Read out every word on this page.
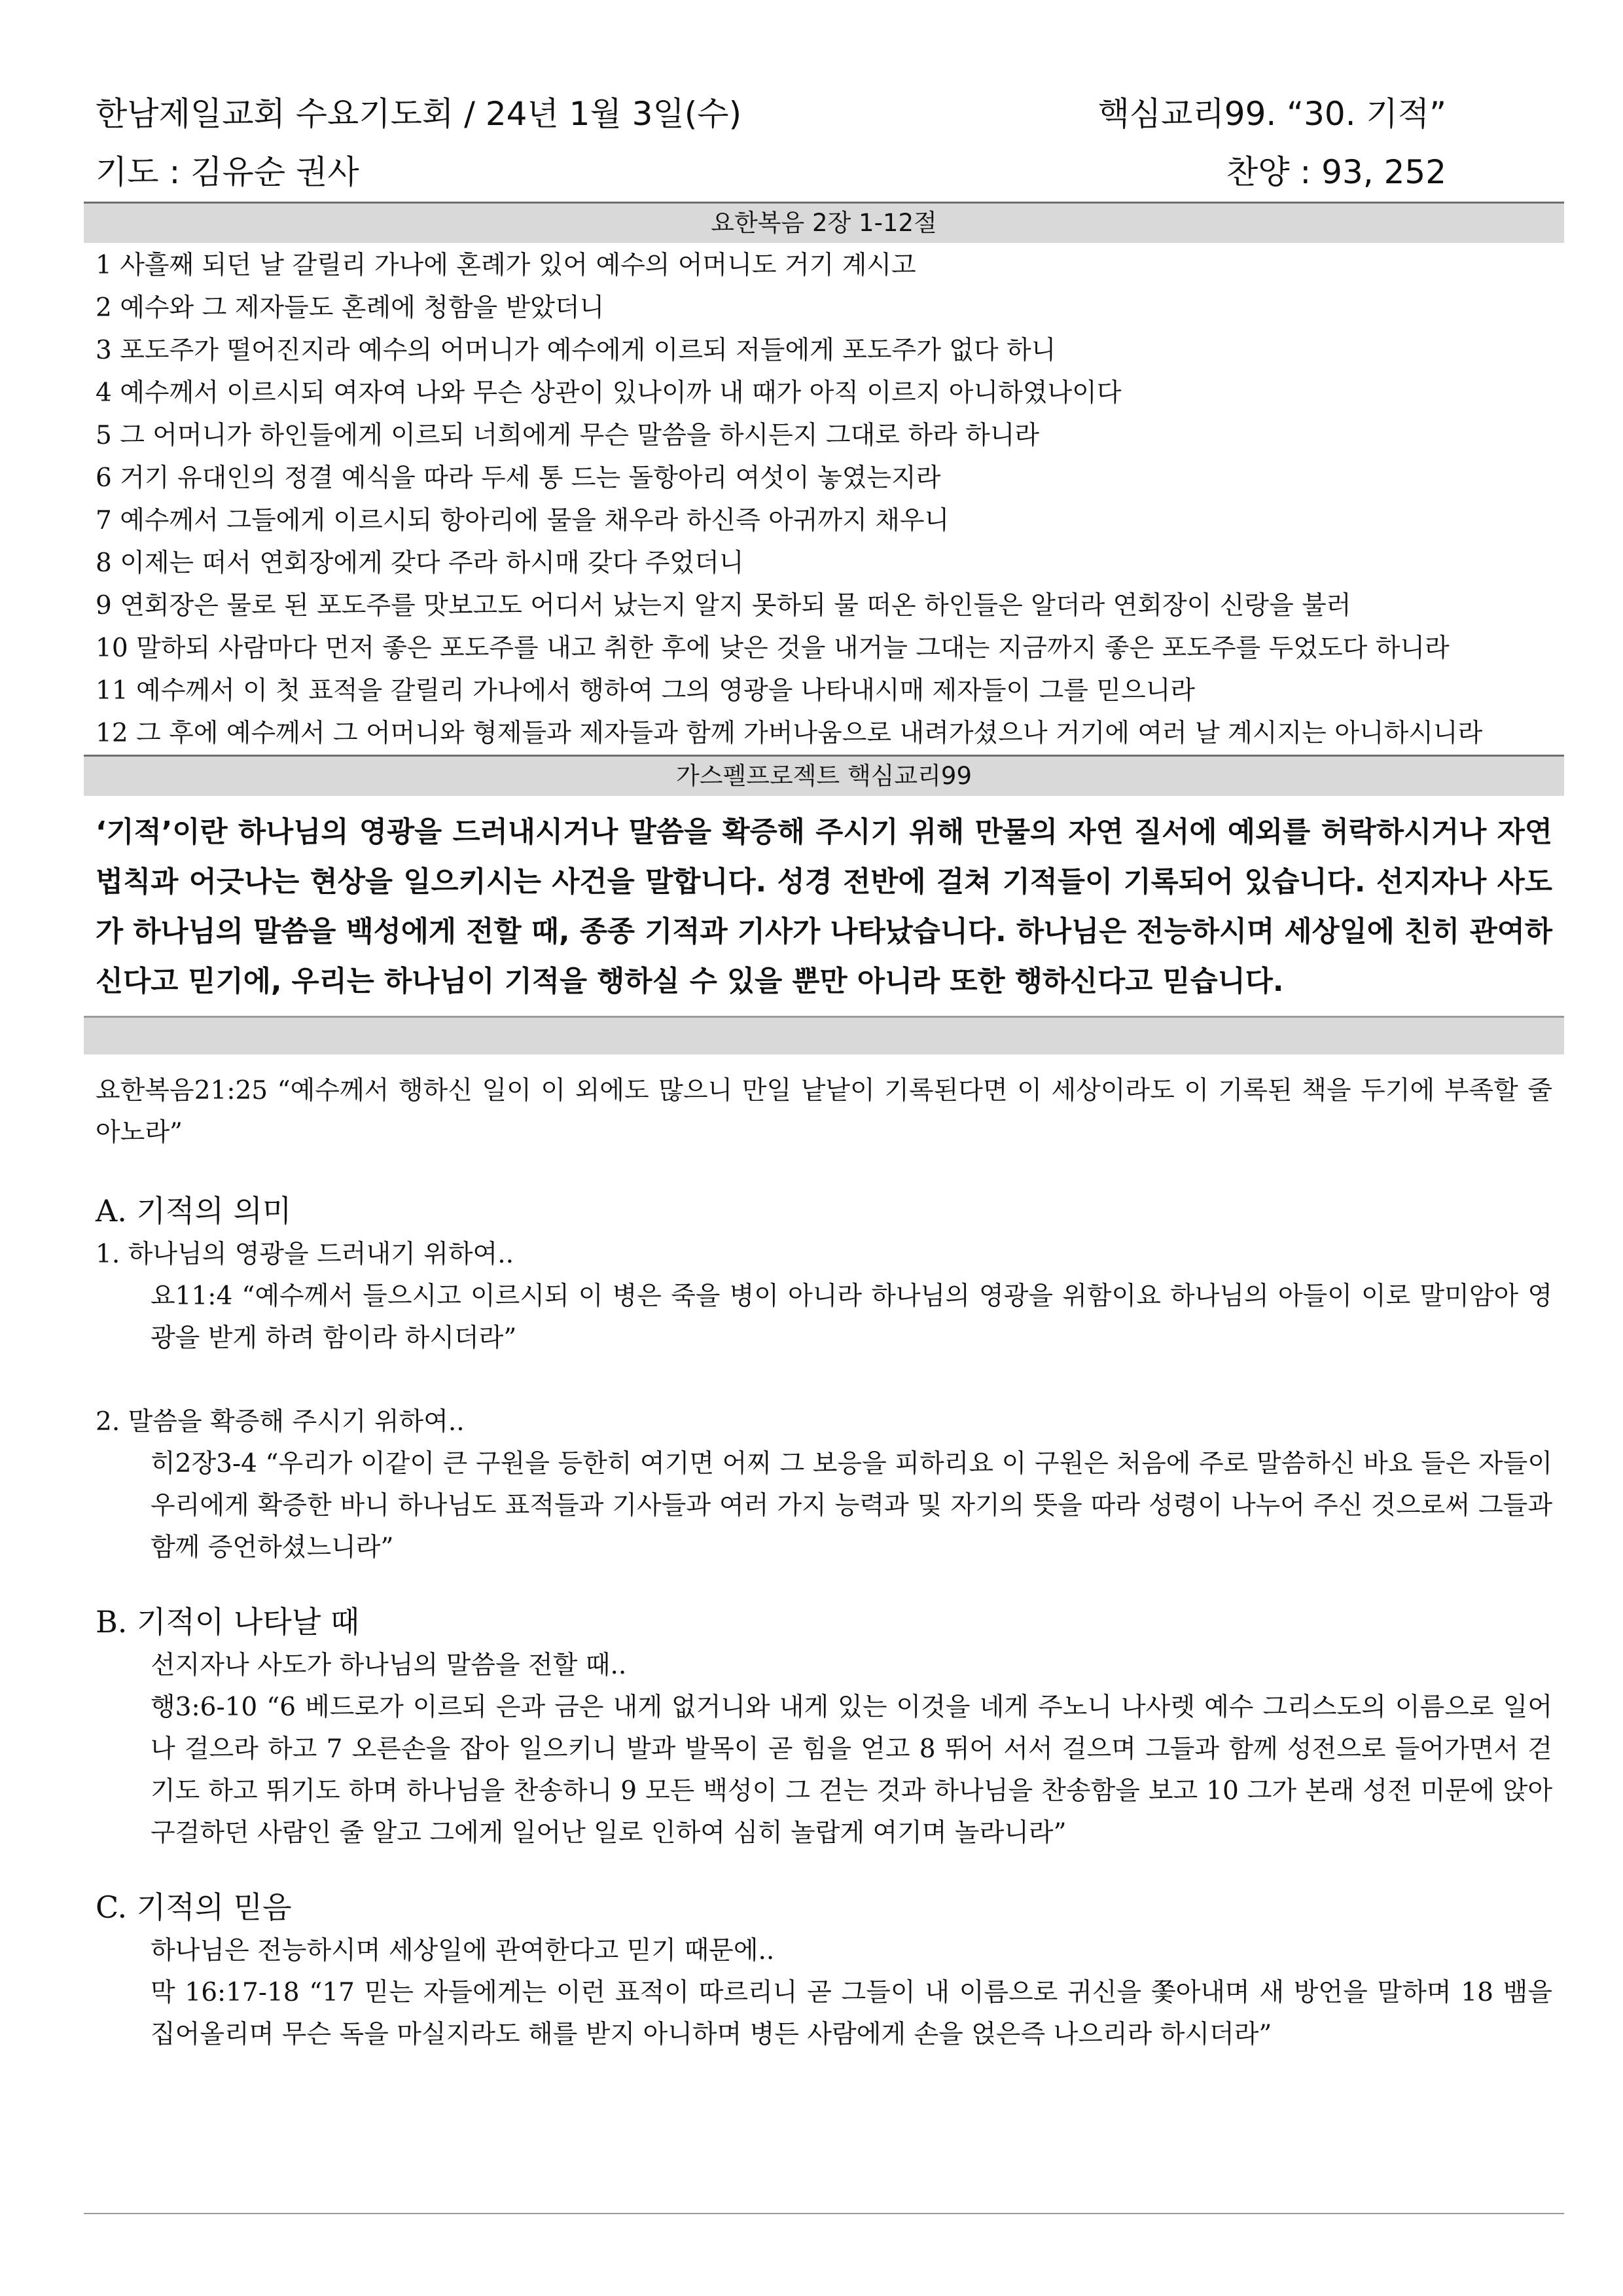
한남제일교회 수요기도회 / 24년 1월 3일(수)	핵심교리99. “30. 기적”
기도 : 김유순 권사	찬양 : 93, 252
요한복음 2장 1-12절
1 사흘째 되던 날 갈릴리 가나에 혼례가 있어 예수의 어머니도 거기 계시고
2 예수와 그 제자들도 혼례에 청함을 받았더니
3 포도주가 떨어진지라 예수의 어머니가 예수에게 이르되 저들에게 포도주가 없다 하니
4 예수께서 이르시되 여자여 나와 무슨 상관이 있나이까 내 때가 아직 이르지 아니하였나이다
5 그 어머니가 하인들에게 이르되 너희에게 무슨 말씀을 하시든지 그대로 하라 하니라
6 거기 유대인의 정결 예식을 따라 두세 통 드는 돌항아리 여섯이 놓였는지라
7 예수께서 그들에게 이르시되 항아리에 물을 채우라 하신즉 아귀까지 채우니
8 이제는 떠서 연회장에게 갖다 주라 하시매 갖다 주었더니
9 연회장은 물로 된 포도주를 맛보고도 어디서 났는지 알지 못하되 물 떠온 하인들은 알더라 연회장이 신랑을 불러
10 말하되 사람마다 먼저 좋은 포도주를 내고 취한 후에 낮은 것을 내거늘 그대는 지금까지 좋은 포도주를 두었도다 하니라
11 예수께서 이 첫 표적을 갈릴리 가나에서 행하여 그의 영광을 나타내시매 제자들이 그를 믿으니라
12 그 후에 예수께서 그 어머니와 형제들과 제자들과 함께 가버나움으로 내려가셨으나 거기에 여러 날 계시지는 아니하시니라
가스펠프로젝트 핵심교리99

‘기적’이란 하나님의 영광을 드러내시거나 말씀을 확증해 주시기 위해 만물의 자연 질서에 예외를 허락하시거나 자연법칙과 어긋나는 현상을 일으키시는 사건을 말합니다. 성경 전반에 걸쳐 기적들이 기록되어 있습니다. 선지자나 사도가 하나님의 말씀을 백성에게 전할 때, 종종 기적과 기사가 나타났습니다. 하나님은 전능하시며 세상일에 친히 관여하신다고 믿기에, 우리는 하나님이 기적을 행하실 수 있을 뿐만 아니라 또한 행하신다고 믿습니다.

요한복음21:25 “예수께서 행하신 일이 이 외에도 많으니 만일 낱낱이 기록된다면 이 세상이라도 이 기록된 책을 두기에 부족할 줄 아노라”

A. 기적의 의미

1. 하나님의 영광을 드러내기 위하여..

요11:4 “예수께서 들으시고 이르시되 이 병은 죽을 병이 아니라 하나님의 영광을 위함이요 하나님의 아들이 이로 말미암아 영광을 받게 하려 함이라 하시더라”

2. 말씀을 확증해 주시기 위하여..

히2장3-4 “우리가 이같이 큰 구원을 등한히 여기면 어찌 그 보응을 피하리요 이 구원은 처음에 주로 말씀하신 바요 들은 자들이 우리에게 확증한 바니 하나님도 표적들과 기사들과 여러 가지 능력과 및 자기의 뜻을 따라 성령이 나누어 주신 것으로써 그들과 함께 증언하셨느니라”

B. 기적이 나타날 때

선지자나 사도가 하나님의 말씀을 전할 때..

행3:6-10 “6 베드로가 이르되 은과 금은 내게 없거니와 내게 있는 이것을 네게 주노니 나사렛 예수 그리스도의 이름으로 일어나 걸으라 하고 7 오른손을 잡아 일으키니 발과 발목이 곧 힘을 얻고 8 뛰어 서서 걸으며 그들과 함께 성전으로 들어가면서 걷기도 하고 뛰기도 하며 하나님을 찬송하니 9 모든 백성이 그 걷는 것과 하나님을 찬송함을 보고 10 그가 본래 성전 미문에 앉아 구걸하던 사람인 줄 알고 그에게 일어난 일로 인하여 심히 놀랍게 여기며 놀라니라”

C. 기적의 믿음

하나님은 전능하시며 세상일에 관여한다고 믿기 때문에..

막 16:17-18 “17 믿는 자들에게는 이런 표적이 따르리니 곧 그들이 내 이름으로 귀신을 쫓아내며 새 방언을 말하며 18 뱀을 집어올리며 무슨 독을 마실지라도 해를 받지 아니하며 병든 사람에게 손을 얹은즉 나으리라 하시더라”
